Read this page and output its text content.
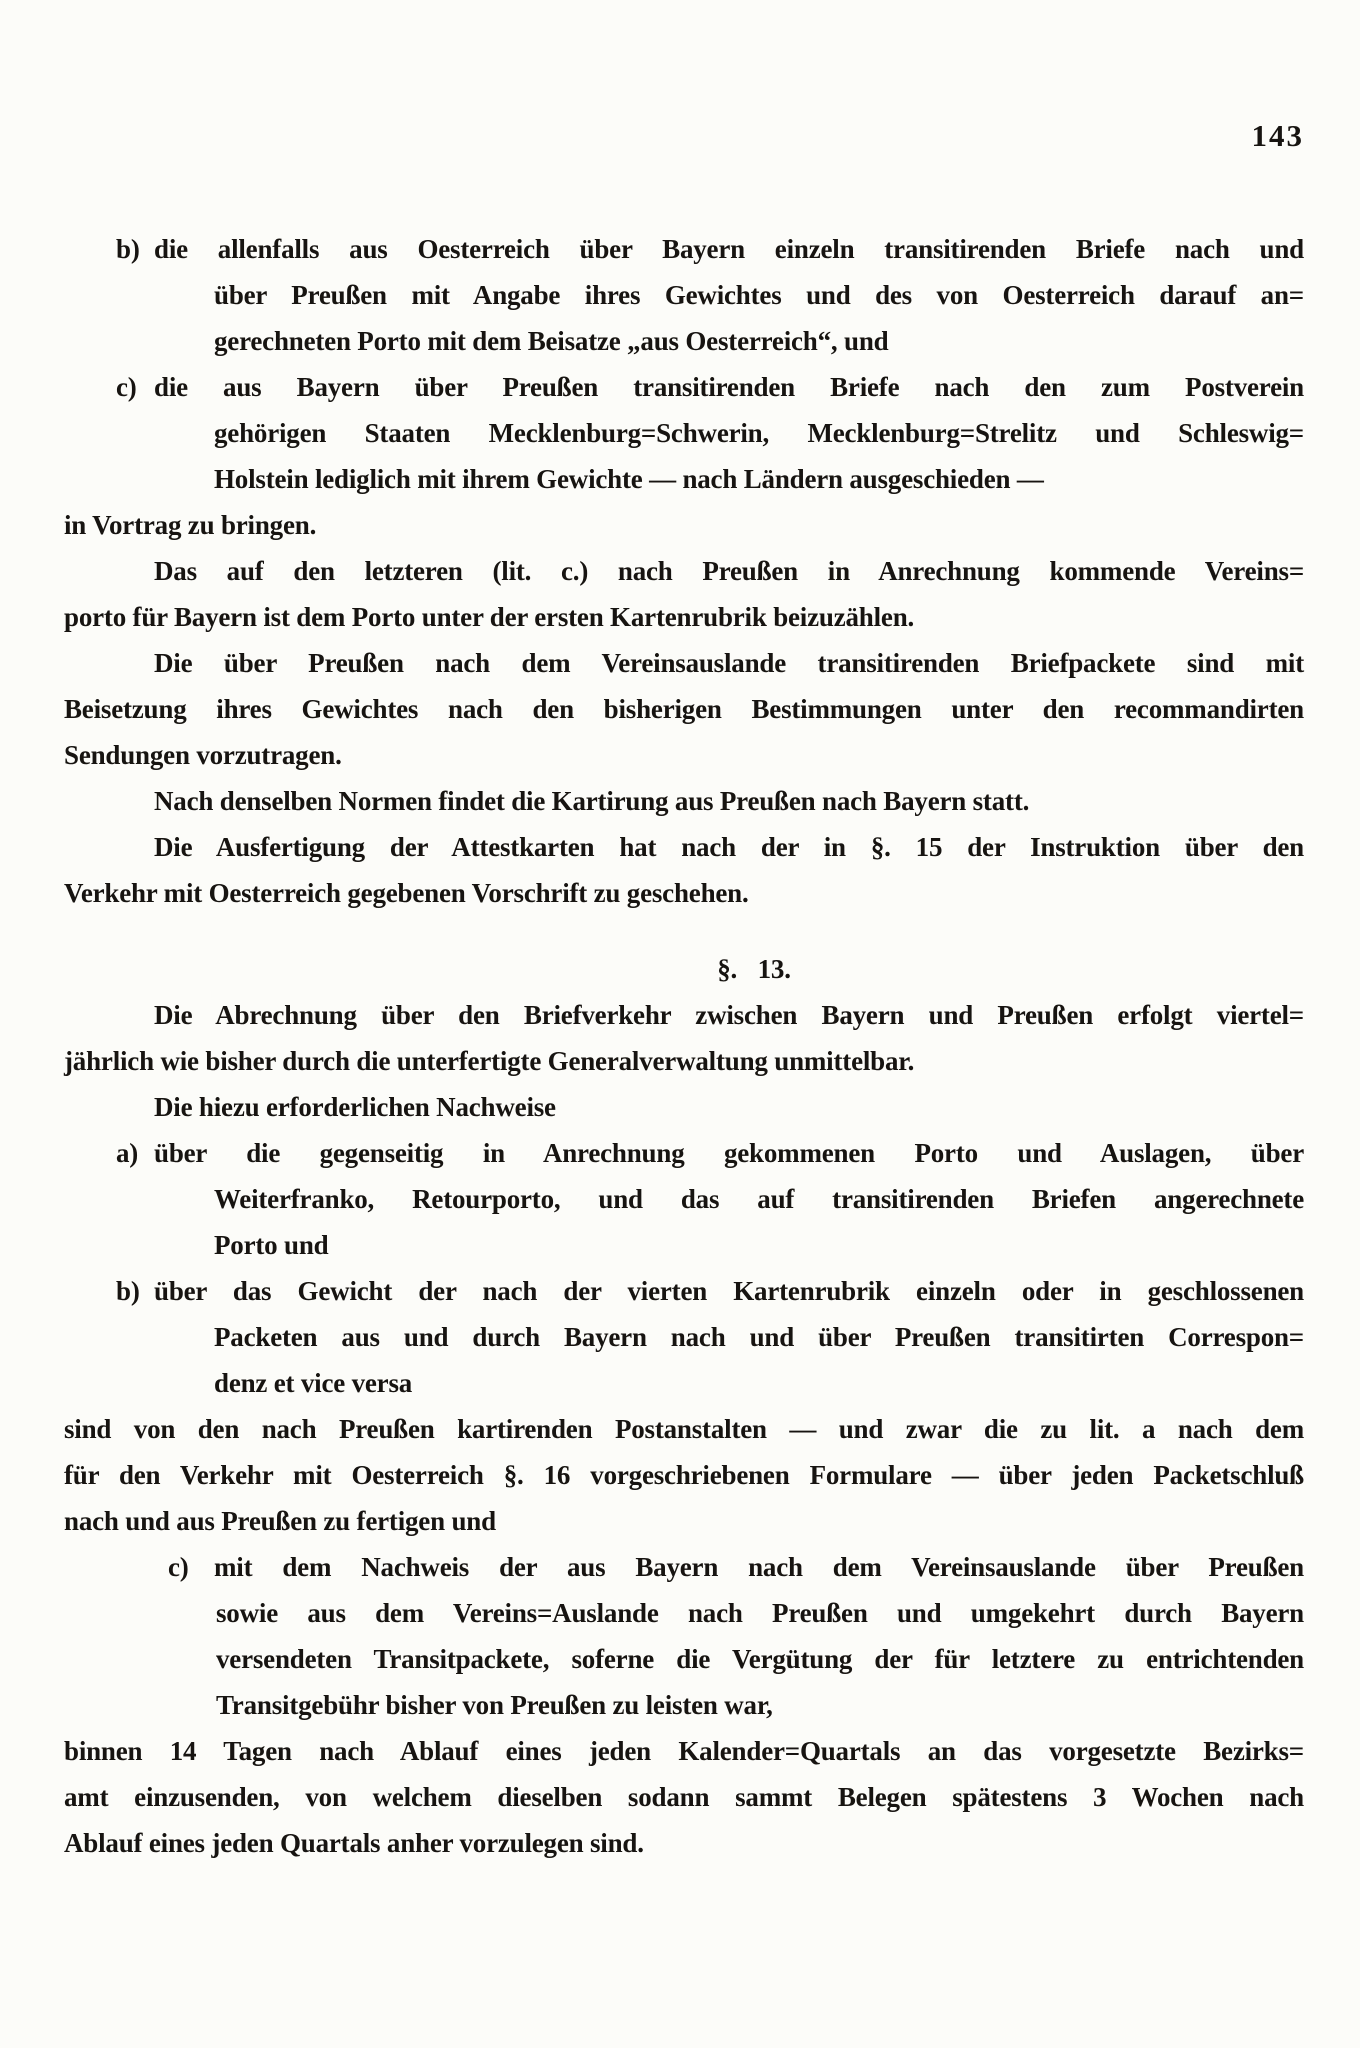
143
b) die allenfalls aus Oesterreich über Bayern einzeln transitirenden Briefe nach und
über Preußen mit Angabe ihres Gewichtes und des von Oesterreich darauf an=
gerechneten Porto mit dem Beisatze „aus Oesterreich“, und
c) die aus Bayern über Preußen transitirenden Briefe nach den zum Postverein
gehörigen Staaten Mecklenburg=Schwerin, Mecklenburg=Strelitz und Schleswig=
Holstein lediglich mit ihrem Gewichte — nach Ländern ausgeschieden —
in Vortrag zu bringen.
Das auf den letzteren (lit. c.) nach Preußen in Anrechnung kommende Vereins=
porto für Bayern ist dem Porto unter der ersten Kartenrubrik beizuzählen.
Die über Preußen nach dem Vereinsauslande transitirenden Briefpackete sind mit
Beisetzung ihres Gewichtes nach den bisherigen Bestimmungen unter den recommandirten
Sendungen vorzutragen.
Nach denselben Normen findet die Kartirung aus Preußen nach Bayern statt.
Die Ausfertigung der Attestkarten hat nach der in §. 15 der Instruktion über den
Verkehr mit Oesterreich gegebenen Vorschrift zu geschehen.
§. 13.
Die Abrechnung über den Briefverkehr zwischen Bayern und Preußen erfolgt viertel=
jährlich wie bisher durch die unterfertigte Generalverwaltung unmittelbar.
Die hiezu erforderlichen Nachweise
a) über die gegenseitig in Anrechnung gekommenen Porto und Auslagen, über
Weiterfranko, Retourporto, und das auf transitirenden Briefen angerechnete
Porto und
b) über das Gewicht der nach der vierten Kartenrubrik einzeln oder in geschlossenen
Packeten aus und durch Bayern nach und über Preußen transitirten Correspon=
denz et vice versa
sind von den nach Preußen kartirenden Postanstalten — und zwar die zu lit. a nach dem
für den Verkehr mit Oesterreich §. 16 vorgeschriebenen Formulare — über jeden Packetschluß
nach und aus Preußen zu fertigen und
c) mit dem Nachweis der aus Bayern nach dem Vereinsauslande über Preußen
sowie aus dem Vereins=Auslande nach Preußen und umgekehrt durch Bayern
versendeten Transitpackete, soferne die Vergütung der für letztere zu entrichtenden
Transitgebühr bisher von Preußen zu leisten war,
binnen 14 Tagen nach Ablauf eines jeden Kalender=Quartals an das vorgesetzte Bezirks=
amt einzusenden, von welchem dieselben sodann sammt Belegen spätestens 3 Wochen nach
Ablauf eines jeden Quartals anher vorzulegen sind.
